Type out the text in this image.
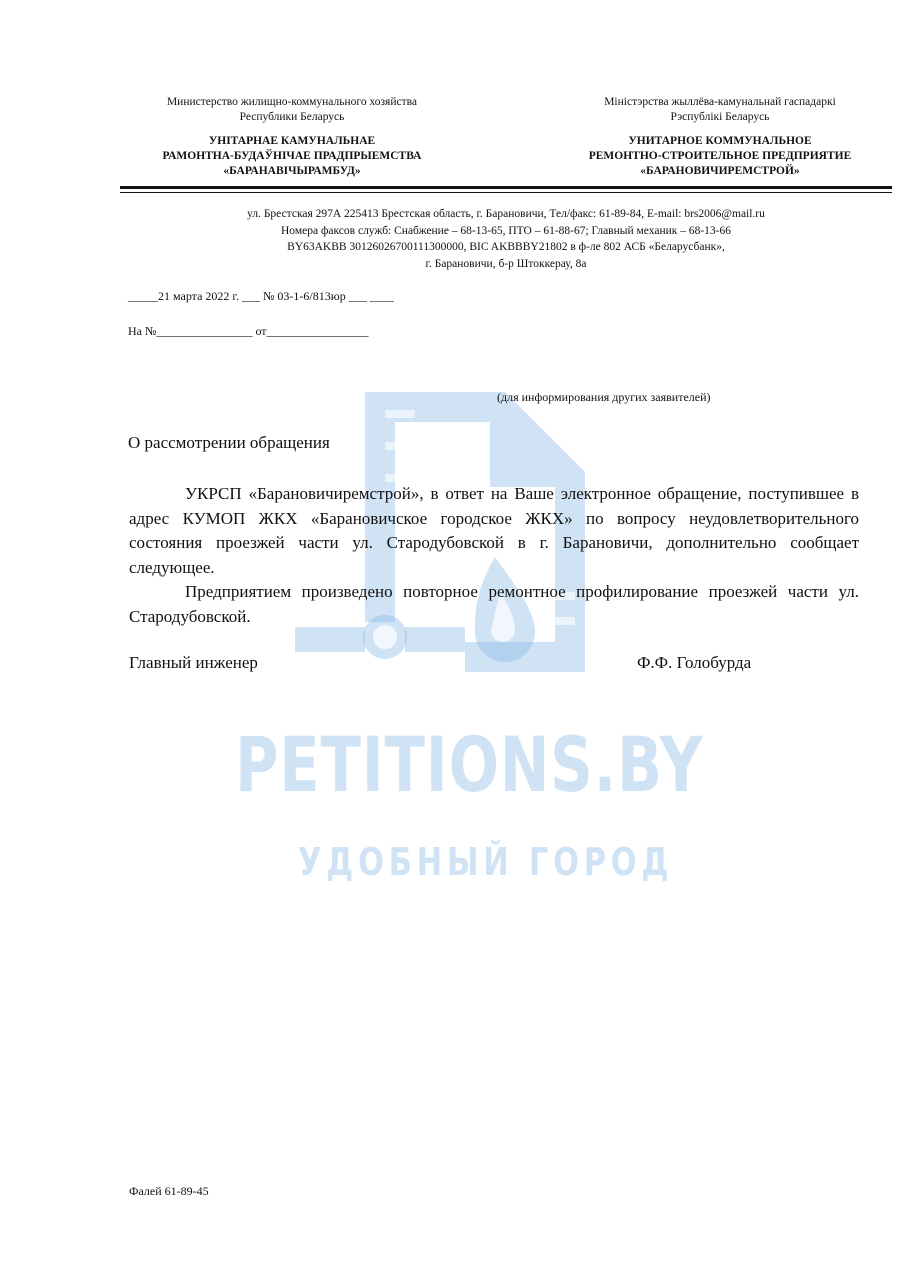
PETITIONS.BY
УДОБНЫЙ ГОРОД
Министерство жилищно-коммунального хозяйства
Республики Беларусь
УНІТАРНАЕ КАМУНАЛЬНАЕ
РАМОНТНА-БУДАЎНІЧАЕ ПРАДПРЫЕМСТВА
«БАРАНАВІЧЫРАМБУД»
Міністэрства жыллёва-камунальнай гаспадаркі
Рэспублікі Беларусь
УНИТАРНОЕ КОММУНАЛЬНОЕ
РЕМОНТНО-СТРОИТЕЛЬНОЕ ПРЕДПРИЯТИЕ
«БАРАНОВИЧИРЕМСТРОЙ»
ул. Брестская 297А 225413 Брестская область, г. Барановичи, Тел/факс: 61-89-84, E-mail: brs2006@mail.ru
Номера факсов служб: Снабжение – 68-13-65, ПТО – 61-88-67; Главный механик – 68-13-66
BY63AKBB 30126026700111300000, BIC AKBBBY21802 в ф-ле 802 АСБ «Беларусбанк»,
г. Барановичи, б-р Штоккерау, 8а
_____21 марта 2022 г. ___ № 03-1-6/813юр ___ ____
На №________________ от_________________
(для информирования других заявителей)
О рассмотрении обращения

УКРСП «Барановичиремстрой», в ответ на Ваше электронное обращение, поступившее в адрес КУМОП ЖКХ «Барановичское городское ЖКХ» по вопросу неудовлетворительного состояния проезжей части ул. Стародубовской в г. Барановичи, дополнительно сообщает следующее.

Предприятием произведено повторное ремонтное профилирование проезжей части ул. Стародубовской.

Главный инженер	Ф.Ф. Голобурда
Фалей 61-89-45
